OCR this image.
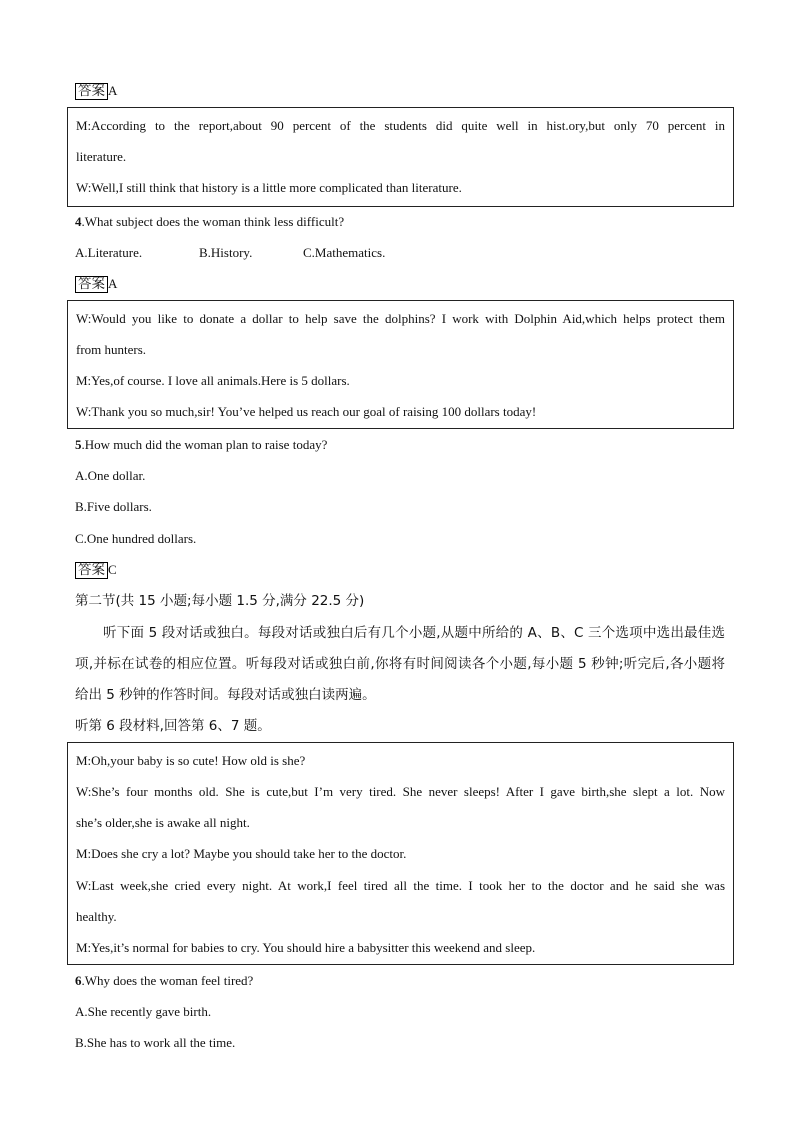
答案 A
M:According to the report,about 90 percent of the students did quite well in hist.ory,but only 70 percent in
literature.
W:Well,I still think that history is a little more complicated than literature.
4.What subject does the woman think less difficult?
A.Literature.	B.History.	C.Mathematics.
答案 A
W:Would you like to donate a dollar to help save the dolphins? I work with Dolphin Aid,which helps protect them
from hunters.
M:Yes,of course. I love all animals.Here is 5 dollars.
W:Thank you so much,sir! You’ve helped us reach our goal of raising 100 dollars today!
5.How much did the woman plan to raise today?
A.One dollar.
B.Five dollars.
C.One hundred dollars.
答案 C
第二节(共 15 小题;每小题 1.5 分,满分 22.5 分)
听下面 5 段对话或独白。每段对话或独白后有几个小题,从题中所给的 A、B、C 三个选项中选出最佳选
项,并标在试卷的相应位置。听每段对话或独白前,你将有时间阅读各个小题,每小题 5 秒钟;听完后,各小题将
给出 5 秒钟的作答时间。每段对话或独白读两遍。
听第 6 段材料,回答第 6、7 题。
M:Oh,your baby is so cute! How old is she?
W:She’s four months old. She is cute,but I’m very tired. She never sleeps! After I gave birth,she slept a lot. Now
she’s older,she is awake all night.
M:Does she cry a lot? Maybe you should take her to the doctor.
W:Last week,she cried every night. At work,I feel tired all the time. I took her to the doctor and he said she was
healthy.
M:Yes,it’s normal for babies to cry. You should hire a babysitter this weekend and sleep.
6.Why does the woman feel tired?
A.She recently gave birth.
B.She has to work all the time.
